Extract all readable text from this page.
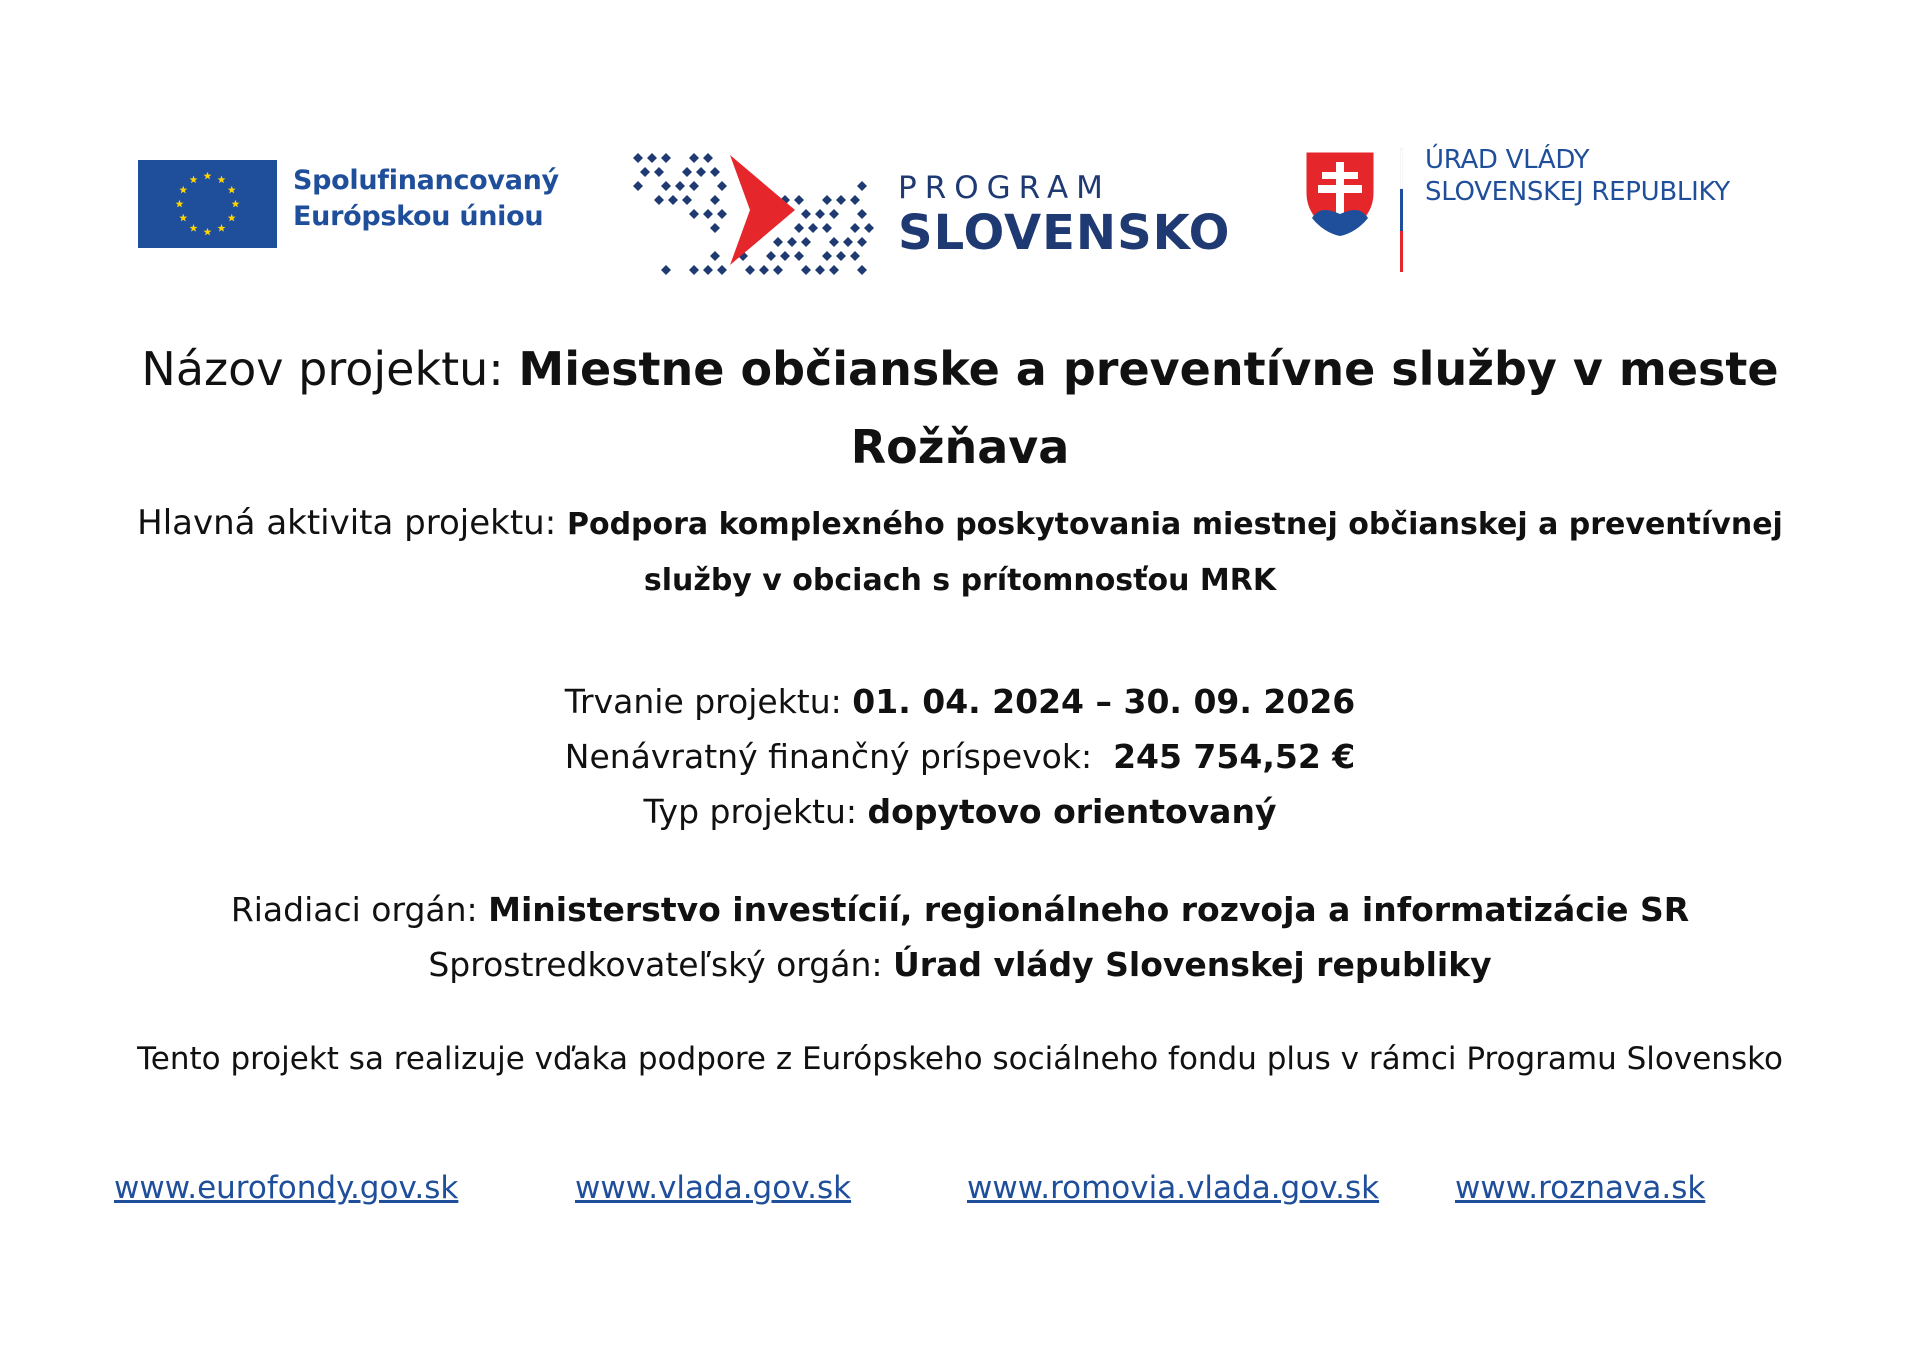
Spolufinancovaný
Európskou úniou
PROGRAM
SLOVENSKO
ÚRAD VLÁDY
SLOVENSKEJ REPUBLIKY
Názov projektu: Miestne občianske a preventívne služby v meste
Rožňava
Hlavná aktivita projektu: Podpora komplexného poskytovania miestnej občianskej a preventívnej
služby v obciach s prítomnosťou MRK
Trvanie projektu: 01. 04. 2024 – 30. 09. 2026
Nenávratný finančný príspevok: 245 754,52 €
Typ projektu: dopytovo orientovaný
Riadiaci orgán: Ministerstvo investícií, regionálneho rozvoja a informatizácie SR
Sprostredkovateľský orgán: Úrad vlády Slovenskej republiky
Tento projekt sa realizuje vďaka podpore z Európskeho sociálneho fondu plus v rámci Programu Slovensko
www.eurofondy.gov.sk	www.vlada.gov.sk	www.romovia.vlada.gov.sk www.roznava.sk
